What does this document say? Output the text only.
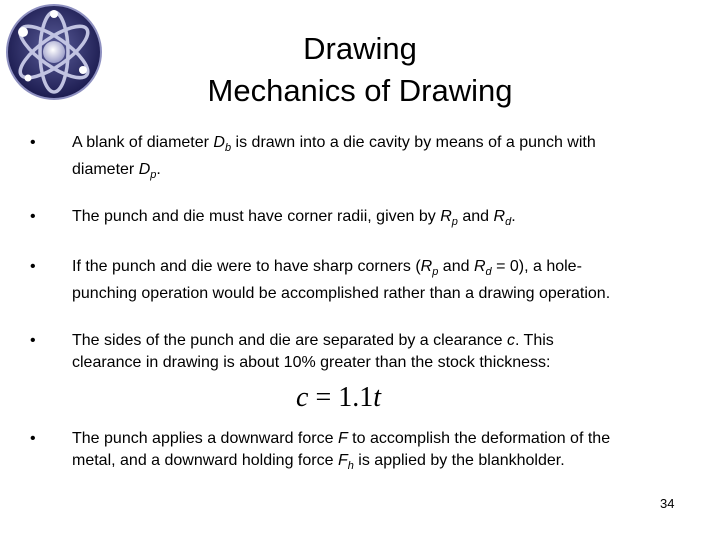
Drawing
Mechanics of Drawing
• A blank of diameter $D_b$ is drawn into a die cavity by means of a punch with
diameter $D_p$.
• The punch and die must have corner radii, given by $R_p$ and $R_d$.
• If the punch and die were to have sharp corners ($R_p$ and $R_d = 0$), a hole-
punching operation would be accomplished rather than a drawing operation.
• The sides of the punch and die are separated by a clearance c. This
clearance in drawing is about 10% greater than the stock thickness:
• The punch applies a downward force F to accomplish the deformation of the
metal, and a downward holding force $F_h$ is applied by the blankholder.
c = 1.1t
34
